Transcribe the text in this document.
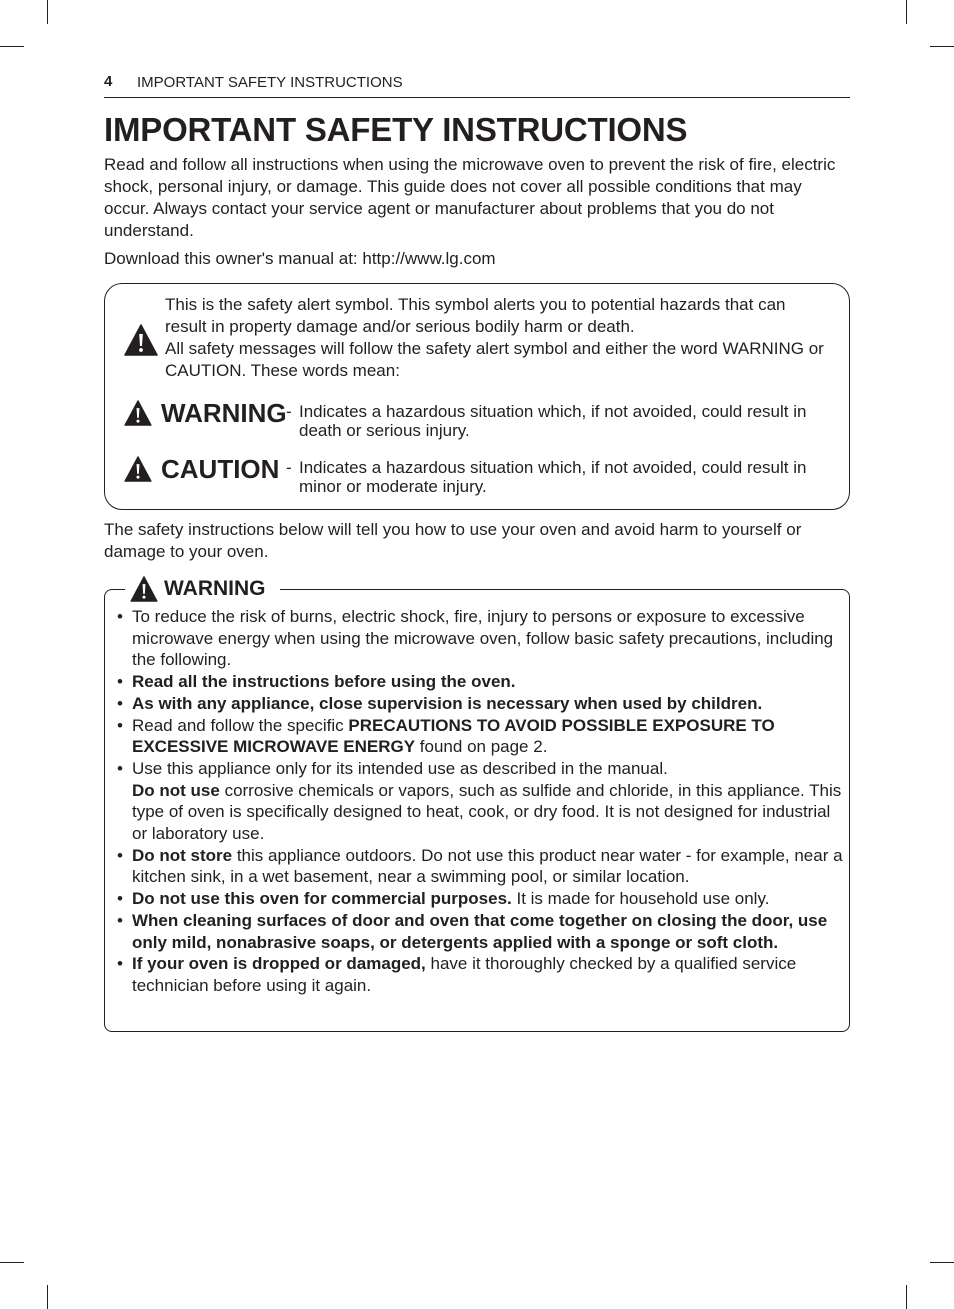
4 IMPORTANT SAFETY INSTRUCTIONS
IMPORTANT SAFETY INSTRUCTIONS

Read and follow all instructions when using the microwave oven to prevent the risk of fire, electric shock, personal injury, or damage. This guide does not cover all possible conditions that may occur. Always contact your service agent or manufacturer about problems that you do not understand.

Download this owner's manual at: http://www.lg.com

This is the safety alert symbol. This symbol alerts you to potential hazards that can result in property damage and/or serious bodily harm or death.
All safety messages will follow the safety alert symbol and either the word WARNING or CAUTION. These words mean:

WARNING - Indicates a hazardous situation which, if not avoided, could result in death or serious injury.

CAUTION - Indicates a hazardous situation which, if not avoided, could result in minor or moderate injury.

The safety instructions below will tell you how to use your oven and avoid harm to yourself or damage to your oven.

WARNING
• To reduce the risk of burns, electric shock, fire, injury to persons or exposure to excessive microwave energy when using the microwave oven, follow basic safety precautions, including the following.
• Read all the instructions before using the oven.
• As with any appliance, close supervision is necessary when used by children.
• Read and follow the specific PRECAUTIONS TO AVOID POSSIBLE EXPOSURE TO EXCESSIVE MICROWAVE ENERGY found on page 2.
• Use this appliance only for its intended use as described in the manual.
Do not use corrosive chemicals or vapors, such as sulfide and chloride, in this appliance. This type of oven is specifically designed to heat, cook, or dry food. It is not designed for industrial or laboratory use.
• Do not store this appliance outdoors. Do not use this product near water - for example, near a kitchen sink, in a wet basement, near a swimming pool, or similar location.
• Do not use this oven for commercial purposes. It is made for household use only.
• When cleaning surfaces of door and oven that come together on closing the door, use only mild, nonabrasive soaps, or detergents applied with a sponge or soft cloth.
• If your oven is dropped or damaged, have it thoroughly checked by a qualified service technician before using it again.
